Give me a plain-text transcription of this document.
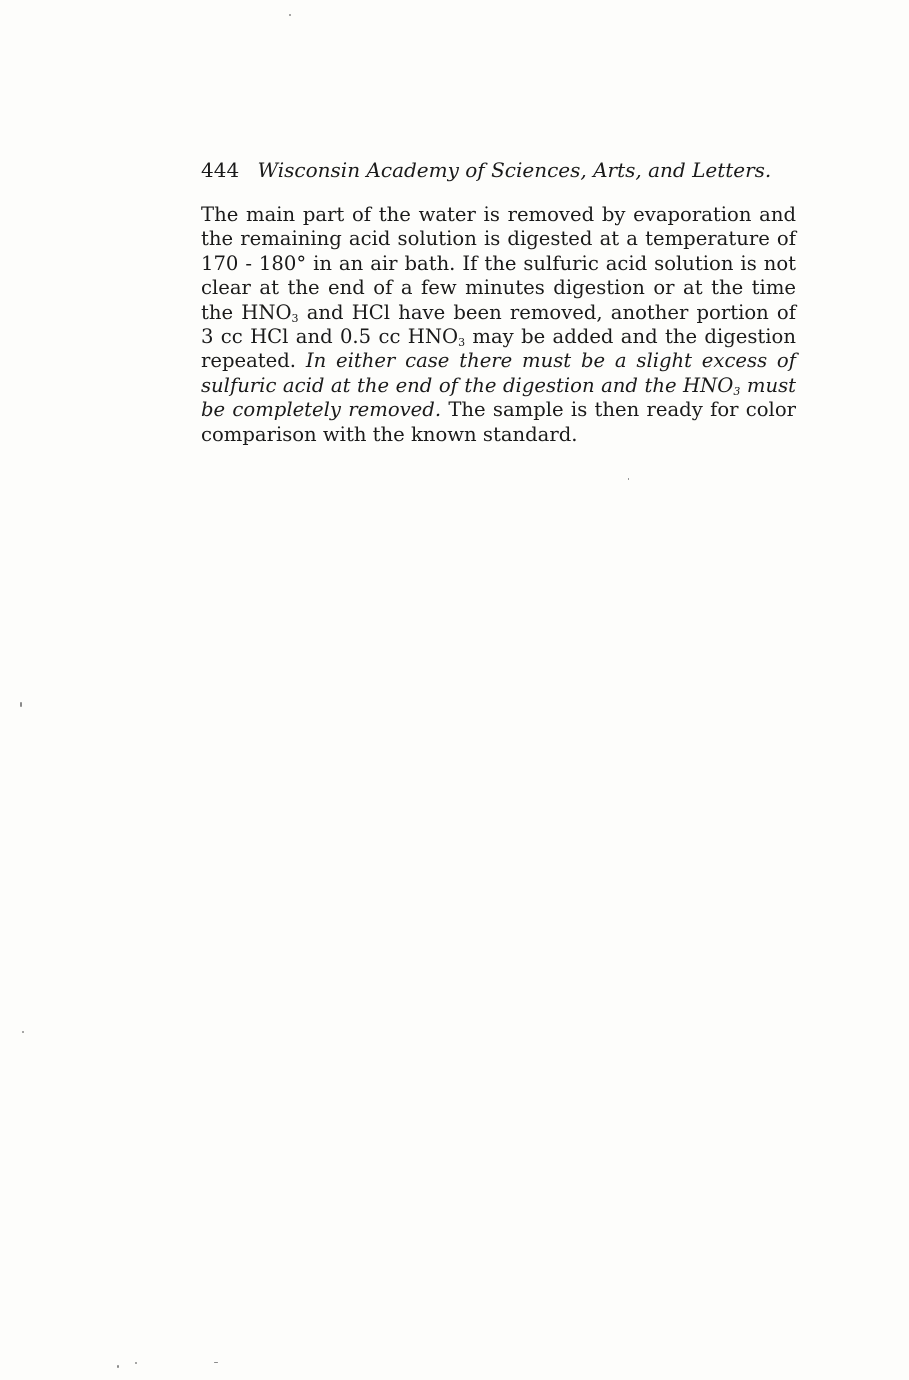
444 Wisconsin Academy of Sciences, Arts, and Letters.

The main part of the water is removed by evaporation and the remaining acid solution is digested at a temperature of 170 - 180° in an air bath. If the sulfuric acid solution is not clear at the end of a few minutes digestion or at the time the $HNO_3$ and HCl have been removed, another portion of 3 cc HCl and 0.5 cc $HNO_3$ may be added and the digestion repeated. In either case there must be a slight excess of sulfuric acid at the end of the digestion and the $HNO_3$ must be completely removed. The sample is then ready for color comparison with the known standard.
